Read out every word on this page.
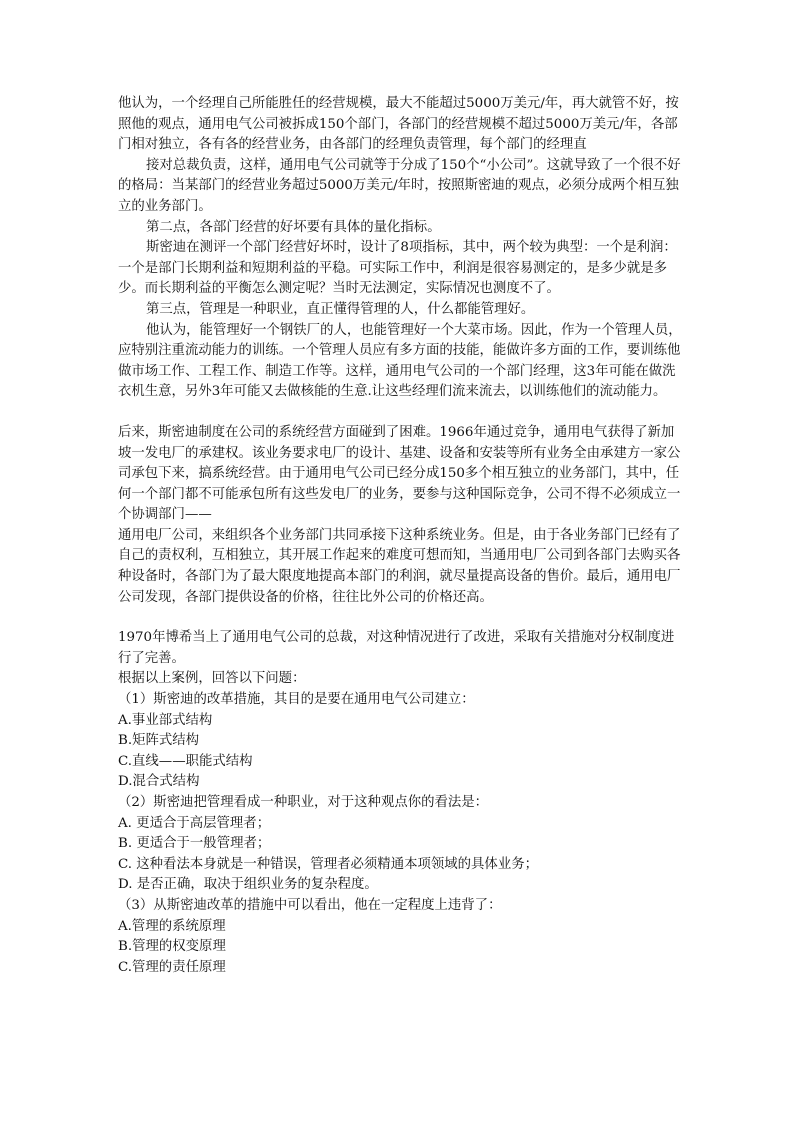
他认为，一个经理自己所能胜任的经营规模，最大不能超过5000万美元/年，再大就管不好，按照他的观点，通用电气公司被拆成150个部门，各部门的经营规模不超过5000万美元/年，各部门相对独立，各有各的经营业务，由各部门的经理负责管理，每个部门的经理直

接对总裁负责，这样，通用电气公司就等于分成了150个“小公司”。这就导致了一个很不好的格局：当某部门的经营业务超过5000万美元/年时，按照斯密迪的观点，必须分成两个相互独立的业务部门。

第二点，各部门经营的好坏要有具体的量化指标。

斯密迪在测评一个部门经营好坏时，设计了8项指标，其中，两个较为典型：一个是利润：一个是部门长期利益和短期利益的平稳。可实际工作中，利润是很容易测定的，是多少就是多少。而长期利益的平衡怎么测定呢？当时无法测定，实际情况也测度不了。

第三点，管理是一种职业，直正懂得管理的人，什么都能管理好。

他认为，能管理好一个钢铁厂的人，也能管理好一个大菜市场。因此，作为一个管理人员，应特别注重流动能力的训练。一个管理人员应有多方面的技能，能做许多方面的工作，要训练他做市场工作、工程工作、制造工作等。这样，通用电气公司的一个部门经理，这3年可能在做洗衣机生意，另外3年可能又去做核能的生意.让这些经理们流来流去，以训练他们的流动能力。

后来，斯密迪制度在公司的系统经营方面碰到了困难。1966年通过竞争，通用电气获得了新加坡一发电厂的承建权。该业务要求电厂的设计、基建、设备和安装等所有业务全由承建方一家公司承包下来，搞系统经营。由于通用电气公司已经分成150多个相互独立的业务部门，其中，任何一个部门都不可能承包所有这些发电厂的业务，要参与这种国际竞争，公司不得不必须成立一个协调部门——

通用电厂公司，来组织各个业务部门共同承接下这种系统业务。但是，由于各业务部门已经有了自己的责权利，互相独立，其开展工作起来的难度可想而知，当通用电厂公司到各部门去购买各种设备时，各部门为了最大限度地提高本部门的利润，就尽量提高设备的售价。最后，通用电厂公司发现，各部门提供设备的价格，往往比外公司的价格还高。

1970年博希当上了通用电气公司的总裁，对这种情况进行了改进，采取有关措施对分权制度进行了完善。

根据以上案例，回答以下问题：

（1）斯密迪的改革措施，其目的是要在通用电气公司建立：

A.事业部式结构

B.矩阵式结构

C.直线——职能式结构

D.混合式结构

（2）斯密迪把管理看成一种职业，对于这种观点你的看法是：

A. 更适合于高层管理者；

B. 更适合于一般管理者；

C. 这种看法本身就是一种错误，管理者必须精通本项领域的具体业务；

D. 是否正确，取决于组织业务的复杂程度。

（3）从斯密迪改革的措施中可以看出，他在一定程度上违背了：

A.管理的系统原理

B.管理的权变原理

C.管理的责任原理
